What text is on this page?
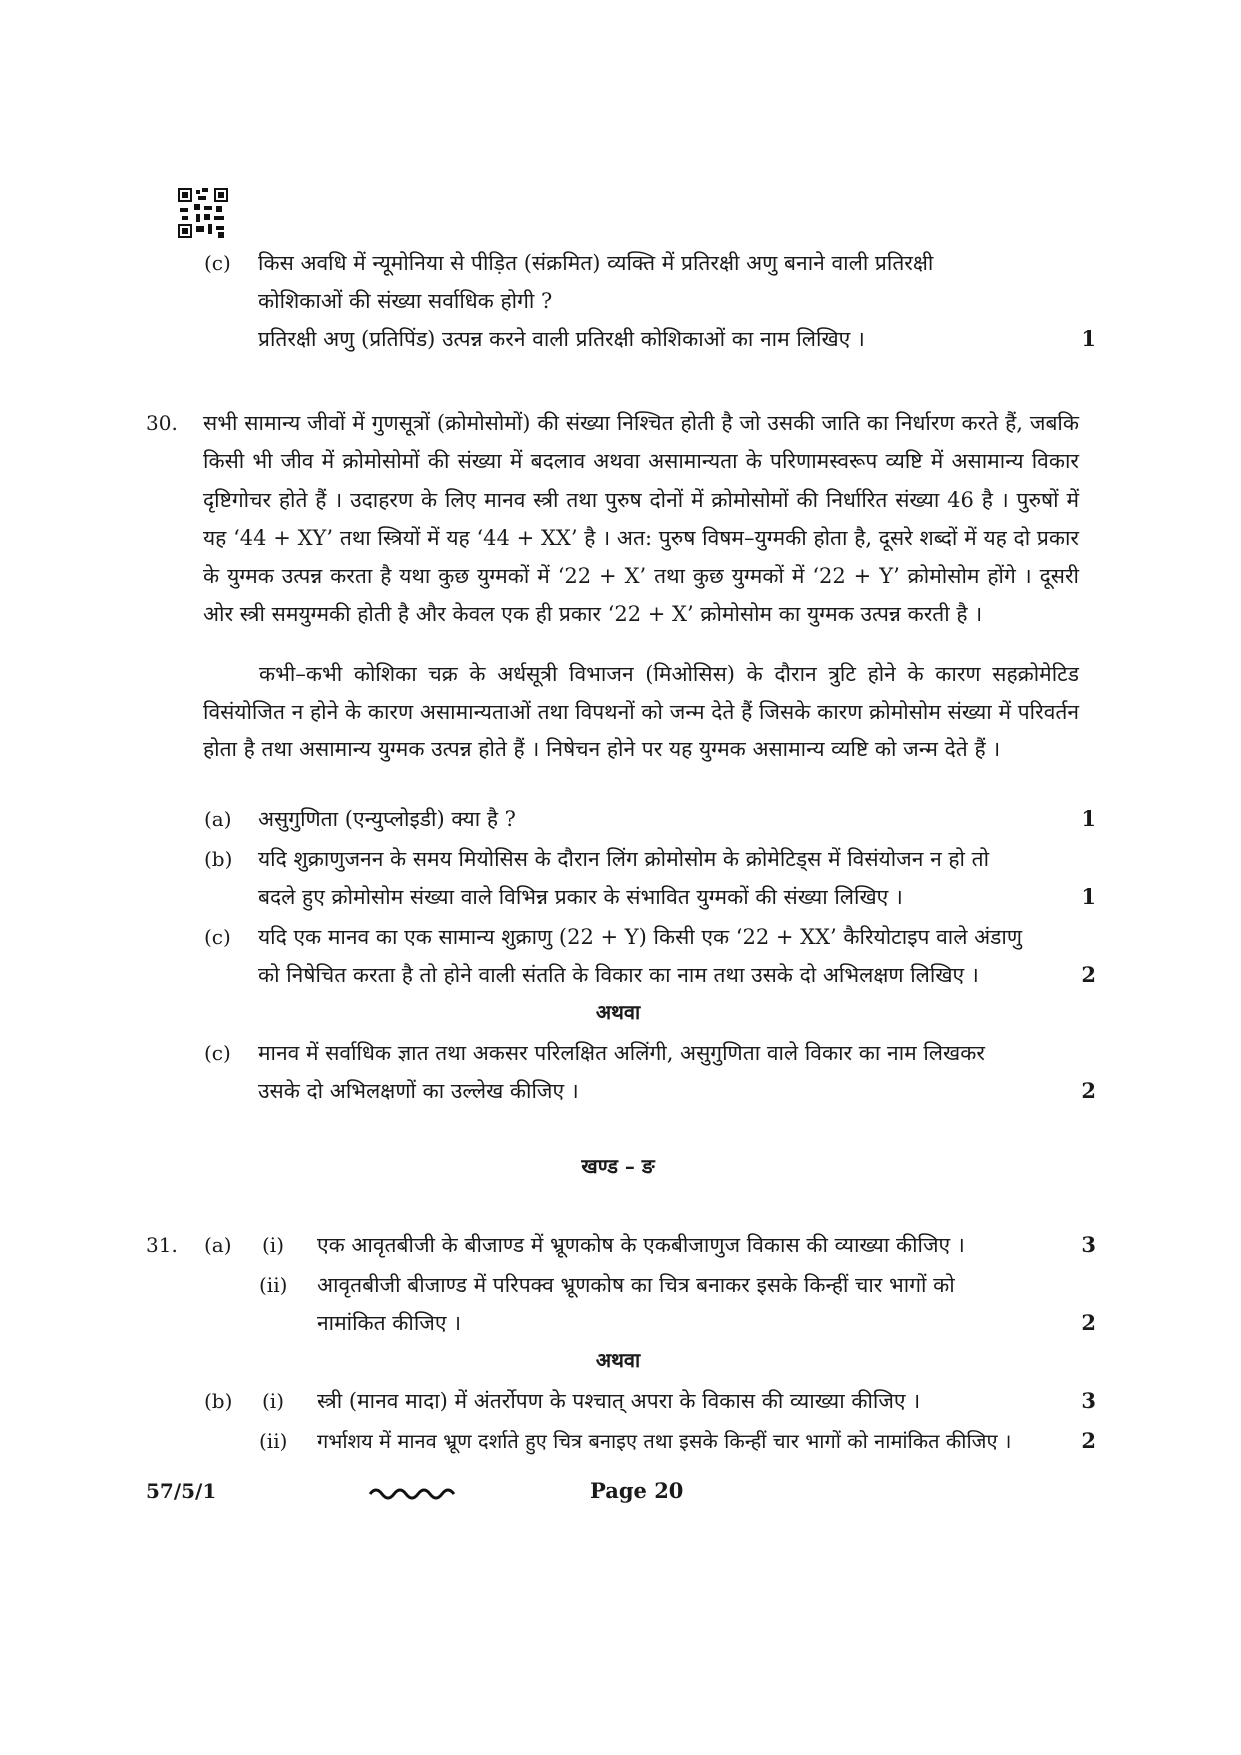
(c) किस अवधि में न्यूमोनिया से पीड़ित (संक्रमित) व्यक्ति में प्रतिरक्षी अणु बनाने वाली प्रतिरक्षी
कोशिकाओं की संख्या सर्वाधिक होगी ?
प्रतिरक्षी अणु (प्रतिपिंड) उत्पन्न करने वाली प्रतिरक्षी कोशिकाओं का नाम लिखिए ।	1
30. सभी सामान्य जीवों में गुणसूत्रों (क्रोमोसोमों) की संख्या निश्चित होती है जो उसकी जाति का निर्धारण करते हैं, जबकि किसी भी जीव में क्रोमोसोमों की संख्या में बदलाव अथवा असामान्यता के परिणामस्वरूप व्यष्टि में असामान्य विकार दृष्टिगोचर होते हैं । उदाहरण के लिए मानव स्त्री तथा पुरुष दोनों में क्रोमोसोमों की निर्धारित संख्या 46 है । पुरुषों में यह ‘44 + XY’ तथा स्त्रियों में यह ‘44 + XX’ है । अत: पुरुष विषम–युग्मकी होता है, दूसरे शब्दों में यह दो प्रकार के युग्मक उत्पन्न करता है यथा कुछ युग्मकों में ‘22 + X’ तथा कुछ युग्मकों में ‘22 + Y’ क्रोमोसोम होंगे । दूसरी ओर स्त्री समयुग्मकी होती है और केवल एक ही प्रकार ‘22 + X’ क्रोमोसोम का युग्मक उत्पन्न करती है ।
कभी–कभी कोशिका चक्र के अर्धसूत्री विभाजन (मिओसिस) के दौरान त्रुटि होने के कारण सहक्रोमेटिड विसंयोजित न होने के कारण असामान्यताओं तथा विपथनों को जन्म देते हैं जिसके कारण क्रोमोसोम संख्या में परिवर्तन होता है तथा असामान्य युग्मक उत्पन्न होते हैं । निषेचन होने पर यह युग्मक असामान्य व्यष्टि को जन्म देते हैं ।
(a) असुगुणिता (एन्युप्लोइडी) क्या है ?	1
(b) यदि शुक्राणुजनन के समय मियोसिस के दौरान लिंग क्रोमोसोम के क्रोमेटिड्स में विसंयोजन न हो तो
बदले हुए क्रोमोसोम संख्या वाले विभिन्न प्रकार के संभावित युग्मकों की संख्या लिखिए ।	1
(c) यदि एक मानव का एक सामान्य शुक्राणु (22 + Y) किसी एक ‘22 + XX’ कैरियोटाइप वाले अंडाणु
को निषेचित करता है तो होने वाली संतति के विकार का नाम तथा उसके दो अभिलक्षण लिखिए ।	2
अथवा
(c) मानव में सर्वाधिक ज्ञात तथा अकसर परिलक्षित अलिंगी, असुगुणिता वाले विकार का नाम लिखकर
उसके दो अभिलक्षणों का उल्लेख कीजिए ।	2
खण्ड – ङ
31. (a) (i) एक आवृतबीजी के बीजाण्ड में भ्रूणकोष के एकबीजाणुज विकास की व्याख्या कीजिए ।	3
(ii) आवृतबीजी बीजाण्ड में परिपक्व भ्रूणकोष का चित्र बनाकर इसके किन्हीं चार भागों को
नामांकित कीजिए ।	2
अथवा
(b) (i) स्त्री (मानव मादा) में अंतर्रोपण के पश्चात् अपरा के विकास की व्याख्या कीजिए ।	3
(ii) गर्भाशय में मानव भ्रूण दर्शाते हुए चित्र बनाइए तथा इसके किन्हीं चार भागों को नामांकित कीजिए ।	2
57/5/1	Page 20
